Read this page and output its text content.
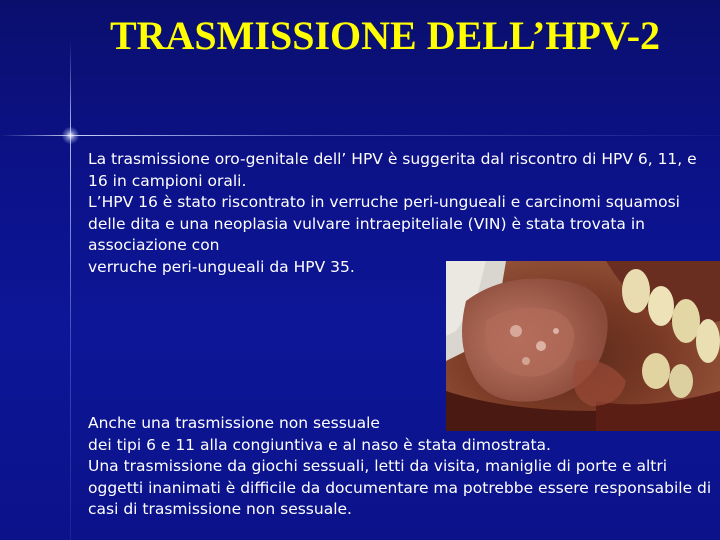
TRASMISSIONE DELL’HPV-2

La trasmissione oro-genitale dell’ HPV è suggerita dal riscontro di HPV 6, 11, e 16 in campioni orali.

L’HPV 16 è stato riscontrato in verruche peri-ungueali e carcinomi squamosi delle dita e una neoplasia vulvare intraepiteliale (VIN) è stata trovata in associazione con

verruche peri-ungueali da HPV 35.

Anche una trasmissione non sessuale

dei tipi 6 e 11 alla congiuntiva e al naso è stata dimostrata.

Una trasmissione da giochi sessuali, letti da visita, maniglie di porte e altri oggetti inanimati è difficile da documentare ma potrebbe essere responsabile di casi di trasmissione non sessuale.
